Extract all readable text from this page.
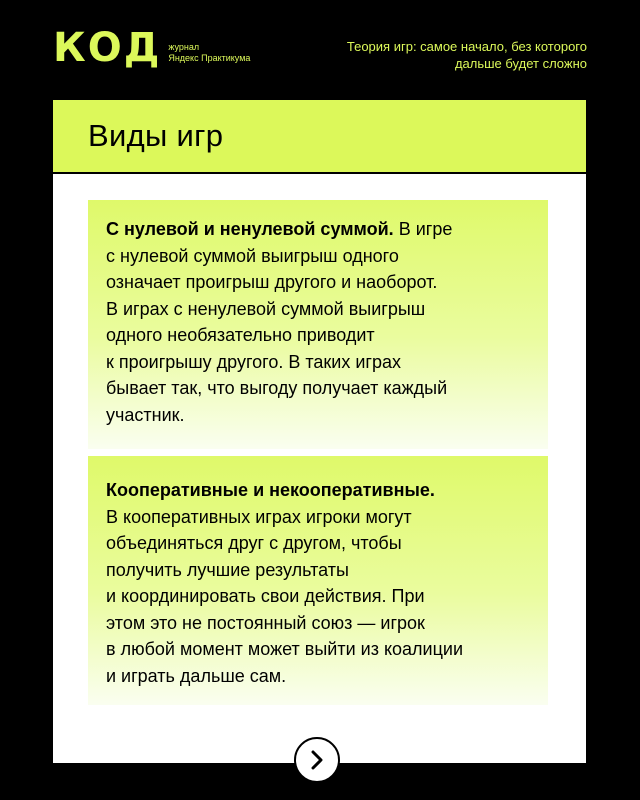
КОД журнал
Яндекс Практикума
Теория игр: самое начало, без которого
дальше будет сложно
Виды игр
С нулевой и ненулевой суммой. В игре
с нулевой суммой выигрыш одного
означает проигрыш другого и наоборот.
В играх с ненулевой суммой выигрыш
одного необязательно приводит
к проигрышу другого. В таких играх
бывает так, что выгоду получает каждый
участник.
Кооперативные и некооперативные.
В кооперативных играх игроки могут
объединяться друг с другом, чтобы
получить лучшие результаты
и координировать свои действия. При
этом это не постоянный союз — игрок
в любой момент может выйти из коалиции
и играть дальше сам.
